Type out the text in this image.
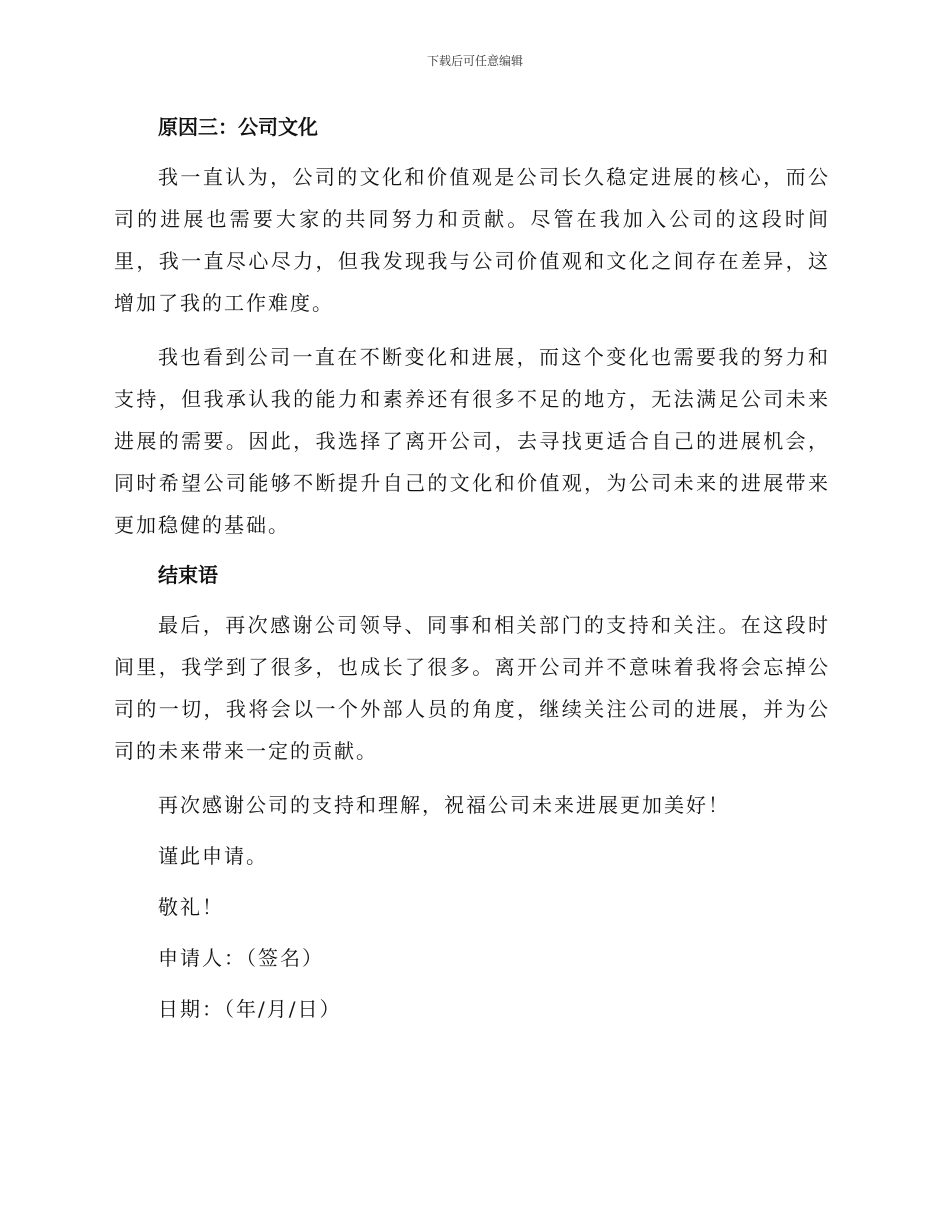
下载后可任意编辑
原因三：公司文化

我一直认为，公司的文化和价值观是公司长久稳定进展的核心，而公司的进展也需要大家的共同努力和贡献。尽管在我加入公司的这段时间里，我一直尽心尽力，但我发现我与公司价值观和文化之间存在差异，这增加了我的工作难度。

我也看到公司一直在不断变化和进展，而这个变化也需要我的努力和支持，但我承认我的能力和素养还有很多不足的地方，无法满足公司未来进展的需要。因此，我选择了离开公司，去寻找更适合自己的进展机会，同时希望公司能够不断提升自己的文化和价值观，为公司未来的进展带来更加稳健的基础。

结束语

最后，再次感谢公司领导、同事和相关部门的支持和关注。在这段时间里，我学到了很多，也成长了很多。离开公司并不意味着我将会忘掉公司的一切，我将会以一个外部人员的角度，继续关注公司的进展，并为公司的未来带来一定的贡献。

再次感谢公司的支持和理解，祝福公司未来进展更加美好！
谨此申请。
敬礼！
申请人：（签名）
日期：（年/月/日）
